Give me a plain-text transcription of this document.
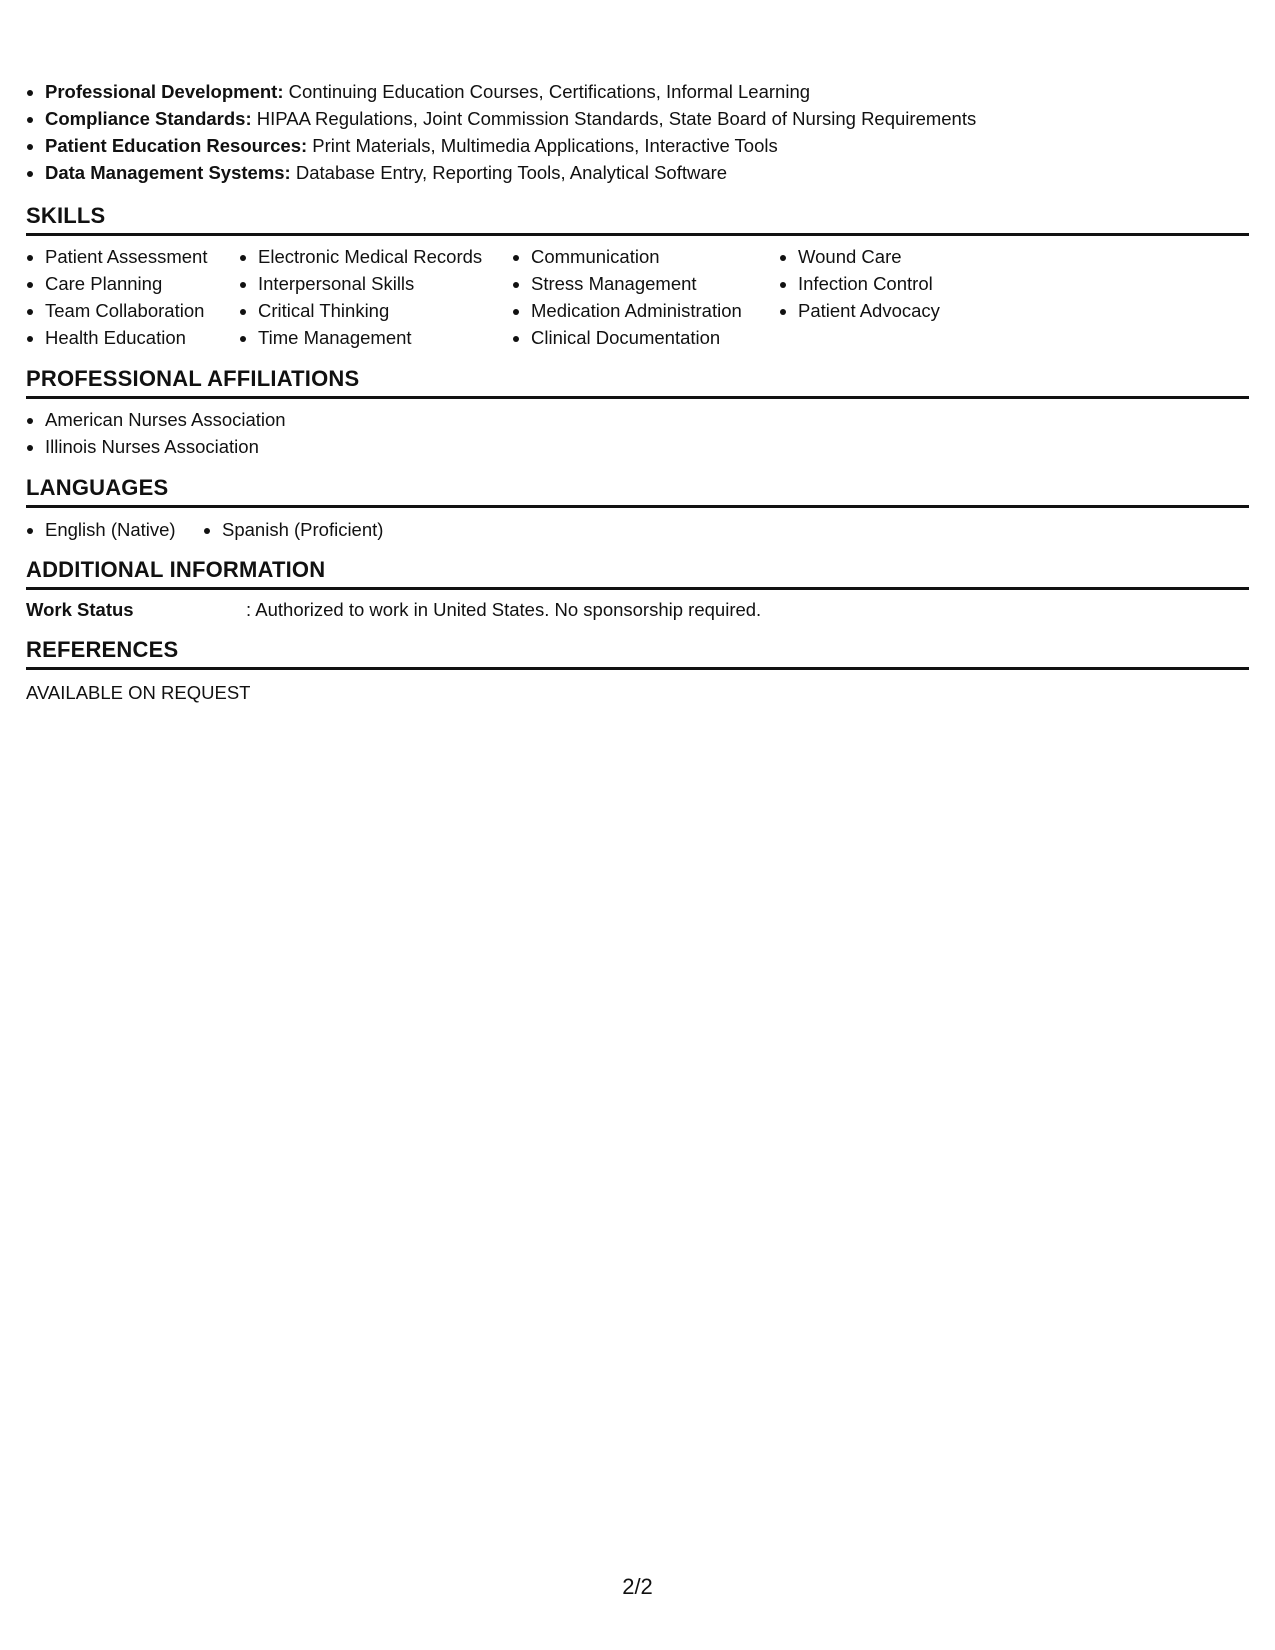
Professional Development: Continuing Education Courses, Certifications, Informal Learning
Compliance Standards: HIPAA Regulations, Joint Commission Standards, State Board of Nursing Requirements
Patient Education Resources: Print Materials, Multimedia Applications, Interactive Tools
Data Management Systems: Database Entry, Reporting Tools, Analytical Software
SKILLS
Patient Assessment
Care Planning
Team Collaboration
Health Education
Electronic Medical Records
Interpersonal Skills
Critical Thinking
Time Management
Communication
Stress Management
Medication Administration
Clinical Documentation
Wound Care
Infection Control
Patient Advocacy
PROFESSIONAL AFFILIATIONS
American Nurses Association
Illinois Nurses Association
LANGUAGES
English (Native)	Spanish (Proficient)
ADDITIONAL INFORMATION
Work Status	: Authorized to work in United States. No sponsorship required.
REFERENCES
AVAILABLE ON REQUEST
2/2
